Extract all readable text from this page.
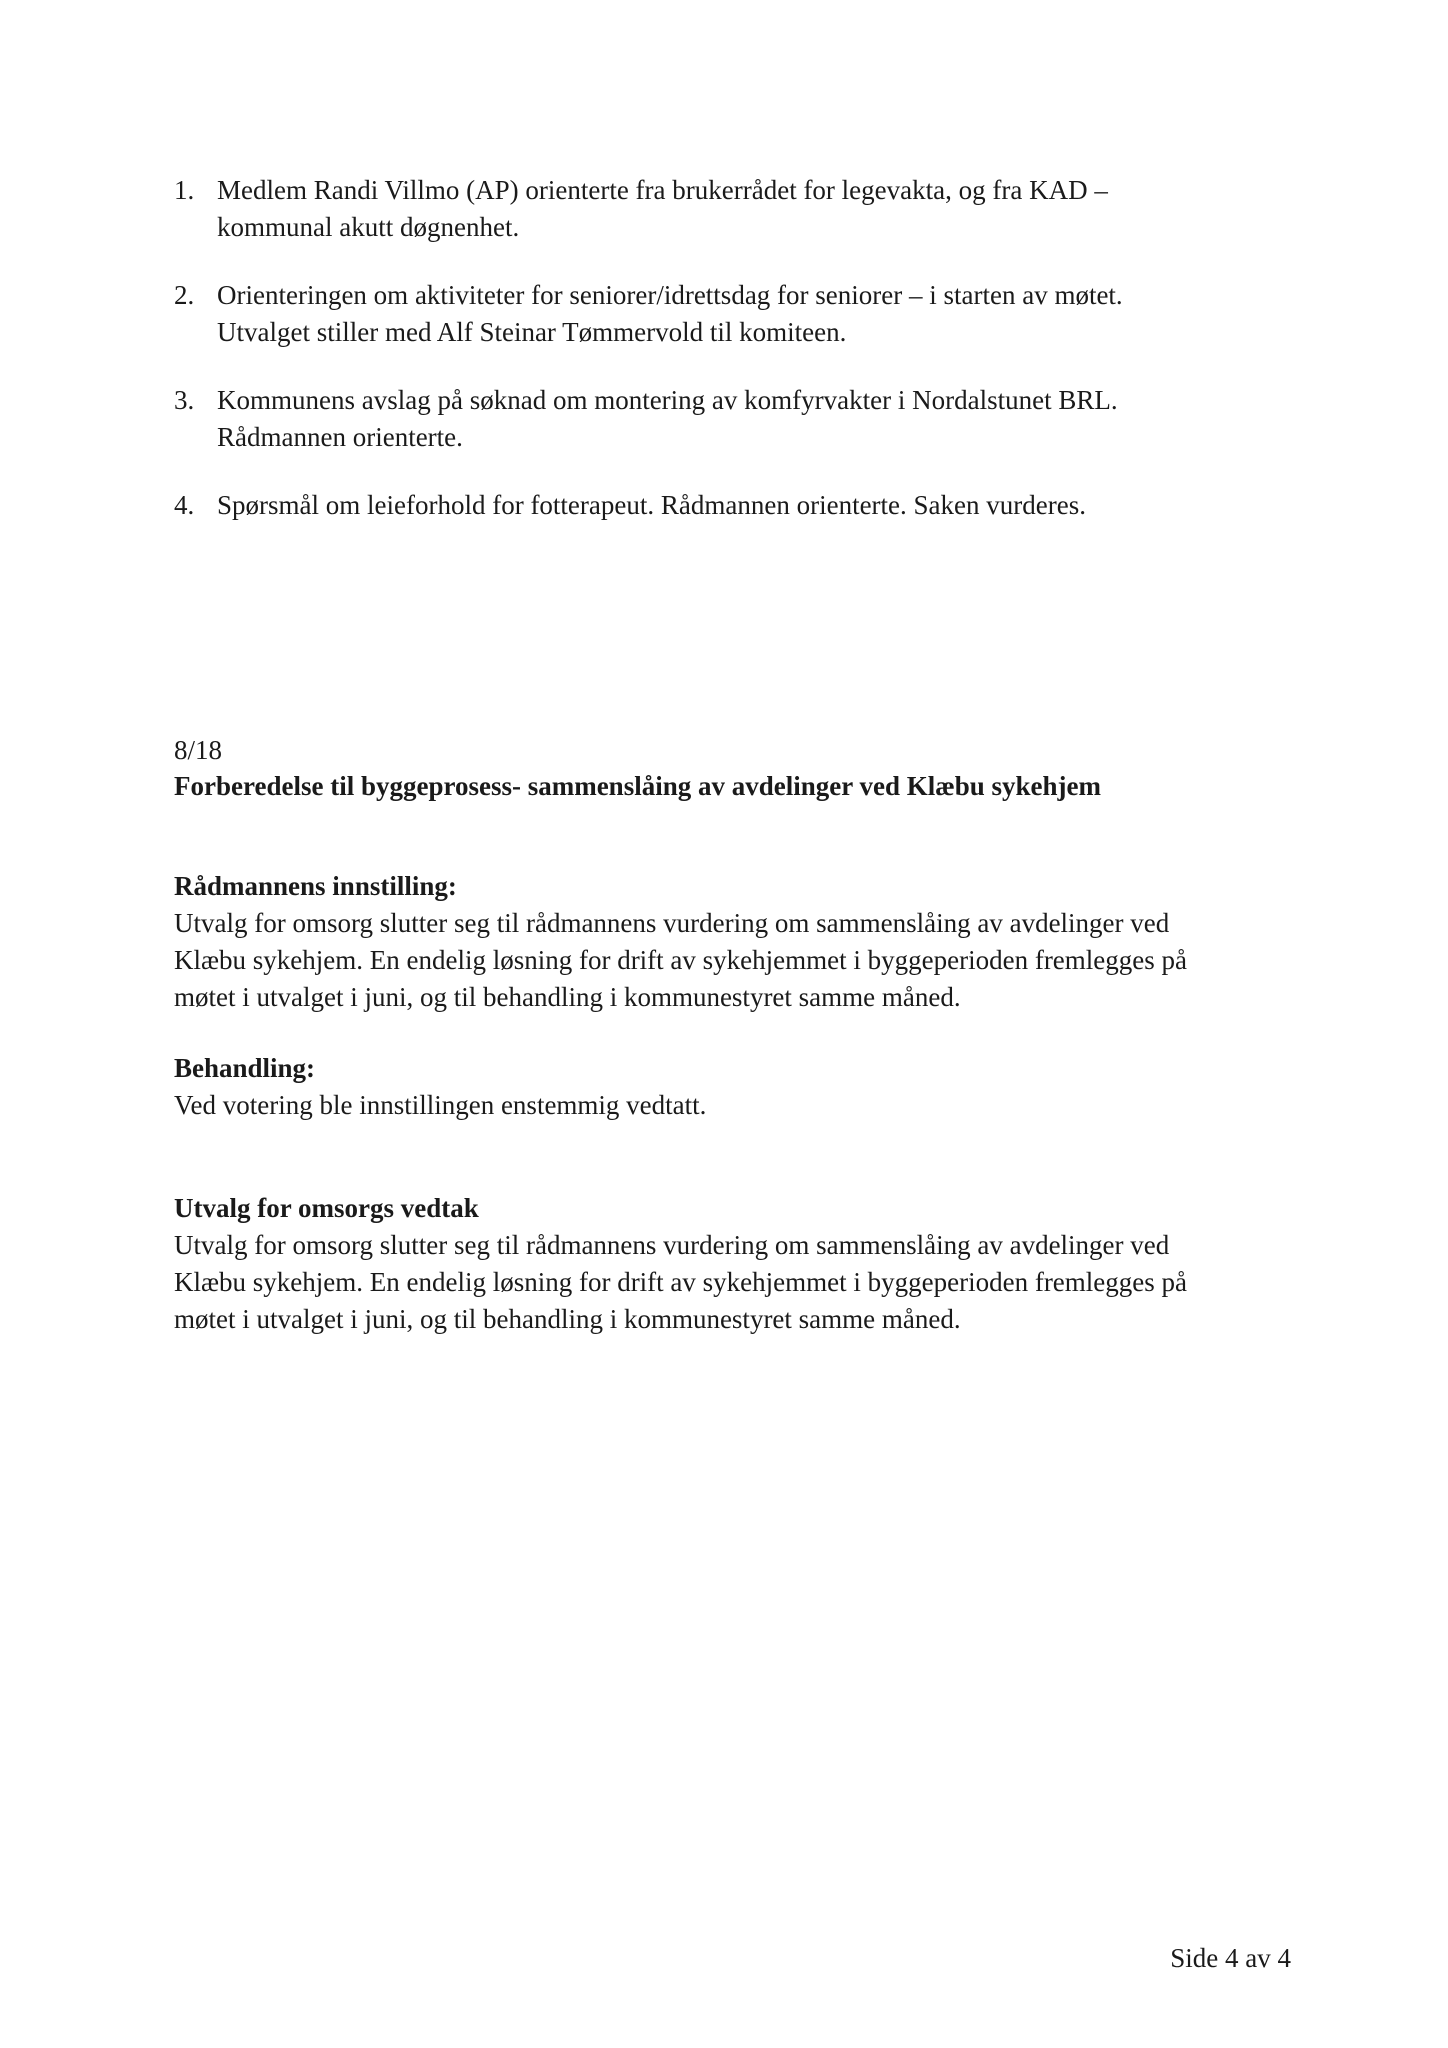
1. Medlem Randi Villmo (AP) orienterte fra brukerrådet for legevakta, og fra KAD –

kommunal akutt døgnenhet.

2. Orienteringen om aktiviteter for seniorer/idrettsdag for seniorer – i starten av møtet.

Utvalget stiller med Alf Steinar Tømmervold til komiteen.

3. Kommunens avslag på søknad om montering av komfyrvakter i Nordalstunet BRL.

Rådmannen orienterte.

4. Spørsmål om leieforhold for fotterapeut. Rådmannen orienterte. Saken vurderes.

8/18
Forberedelse til byggeprosess- sammenslåing av avdelinger ved Klæbu sykehjem

Rådmannens innstilling:

Utvalg for omsorg slutter seg til rådmannens vurdering om sammenslåing av avdelinger ved

Klæbu sykehjem. En endelig løsning for drift av sykehjemmet i byggeperioden fremlegges på

møtet i utvalget i juni, og til behandling i kommunestyret samme måned.

Behandling:

Ved votering ble innstillingen enstemmig vedtatt.

Utvalg for omsorgs vedtak

Utvalg for omsorg slutter seg til rådmannens vurdering om sammenslåing av avdelinger ved

Klæbu sykehjem. En endelig løsning for drift av sykehjemmet i byggeperioden fremlegges på

møtet i utvalget i juni, og til behandling i kommunestyret samme måned.

Side 4 av 4
